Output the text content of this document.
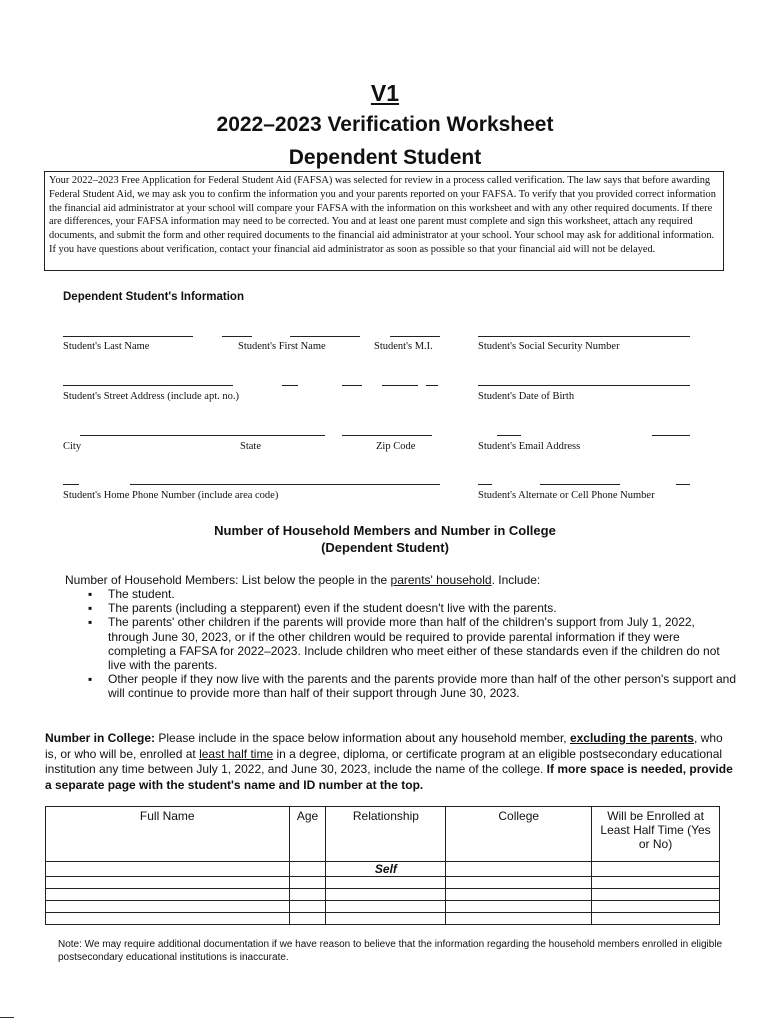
V1
2022–2023 Verification Worksheet
Dependent Student
Your 2022–2023 Free Application for Federal Student Aid (FAFSA) was selected for review in a process called verification. The law says that before awarding Federal Student Aid, we may ask you to confirm the information you and your parents reported on your FAFSA. To verify that you provided correct information the financial aid administrator at your school will compare your FAFSA with the information on this worksheet and with any other required documents. If there are differences, your FAFSA information may need to be corrected. You and at least one parent must complete and sign this worksheet, attach any required documents, and submit the form and other required documents to the financial aid administrator at your school. Your school may ask for additional information. If you have questions about verification, contact your financial aid administrator as soon as possible so that your financial aid will not be delayed.
Dependent Student's Information
Student's Last Name	Student's First Name	Student's M.I.	Student's Social Security Number
Student's Street Address (include apt. no.)	Student's Date of Birth
City	State	Zip Code	Student's Email Address
Student's Home Phone Number (include area code)	Student's Alternate or Cell Phone Number
Number of Household Members and Number in College
(Dependent Student)
Number of Household Members: List below the people in the parents' household. Include:
▪ The student.
▪ The parents (including a stepparent) even if the student doesn't live with the parents.
▪ The parents' other children if the parents will provide more than half of the children's support from July 1, 2022, through June 30, 2023, or if the other children would be required to provide parental information if they were completing a FAFSA for 2022–2023. Include children who meet either of these standards even if the children do not live with the parents.
▪ Other people if they now live with the parents and the parents provide more than half of the other person's support and will continue to provide more than half of their support through June 30, 2023.
Number in College: Please include in the space below information about any household member, excluding the parents, who is, or who will be, enrolled at least half time in a degree, diploma, or certificate program at an eligible postsecondary educational institution any time between July 1, 2022, and June 30, 2023, include the name of the college. If more space is needed, provide a separate page with the student's name and ID number at the top.
Full Name	Age	Relationship	College	Will be Enrolled at Least Half Time (Yes or No)
		Self		

Note: We may require additional documentation if we have reason to believe that the information regarding the household members enrolled in eligible postsecondary educational institutions is inaccurate.
